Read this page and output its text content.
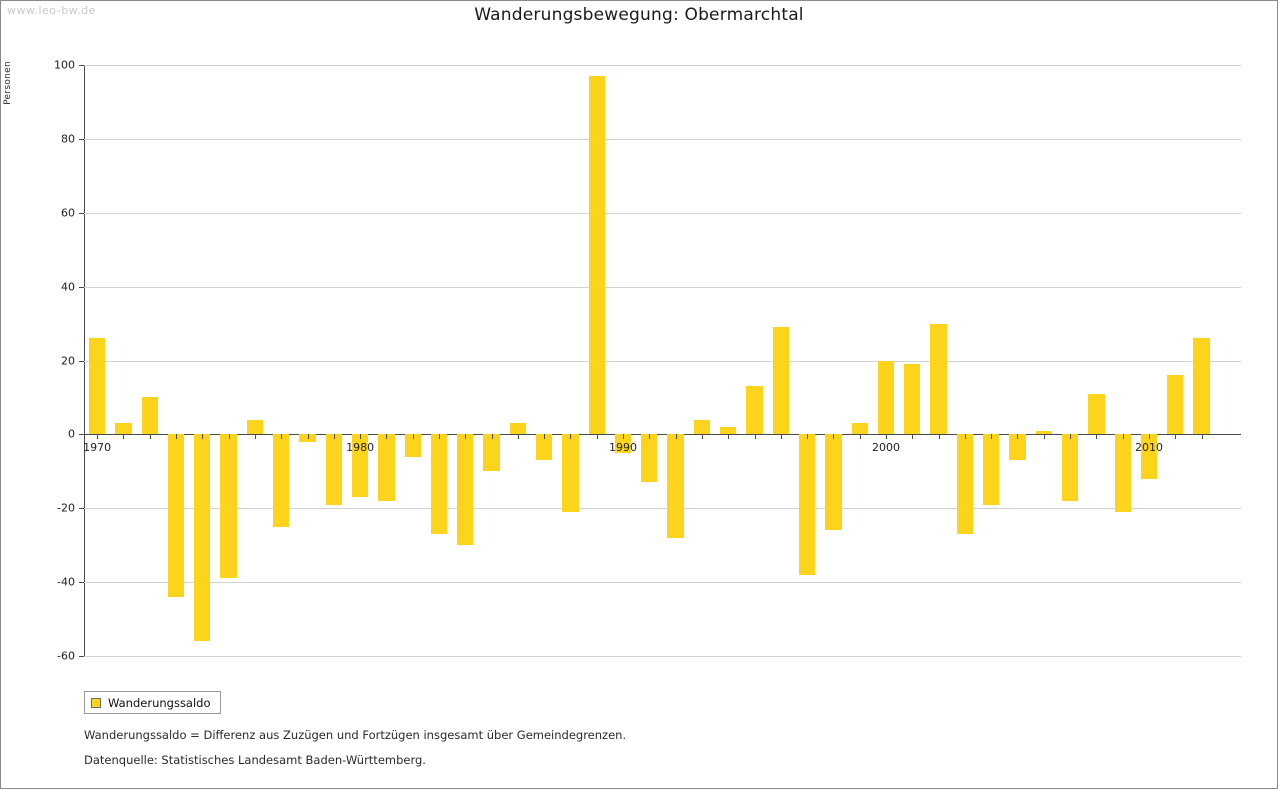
www.leo-bw.de	Wanderungsbewegung: Obermarchtal
Personen
Wanderungssaldo
Wanderungssaldo = Differenz aus Zuzügen und Fortzügen insgesamt über Gemeindegrenzen.
Datenquelle: Statistisches Landesamt Baden-Württemberg.
-60
-40
-20
0
20
40
60
80
100
1970	1980	1990	2000	2010
